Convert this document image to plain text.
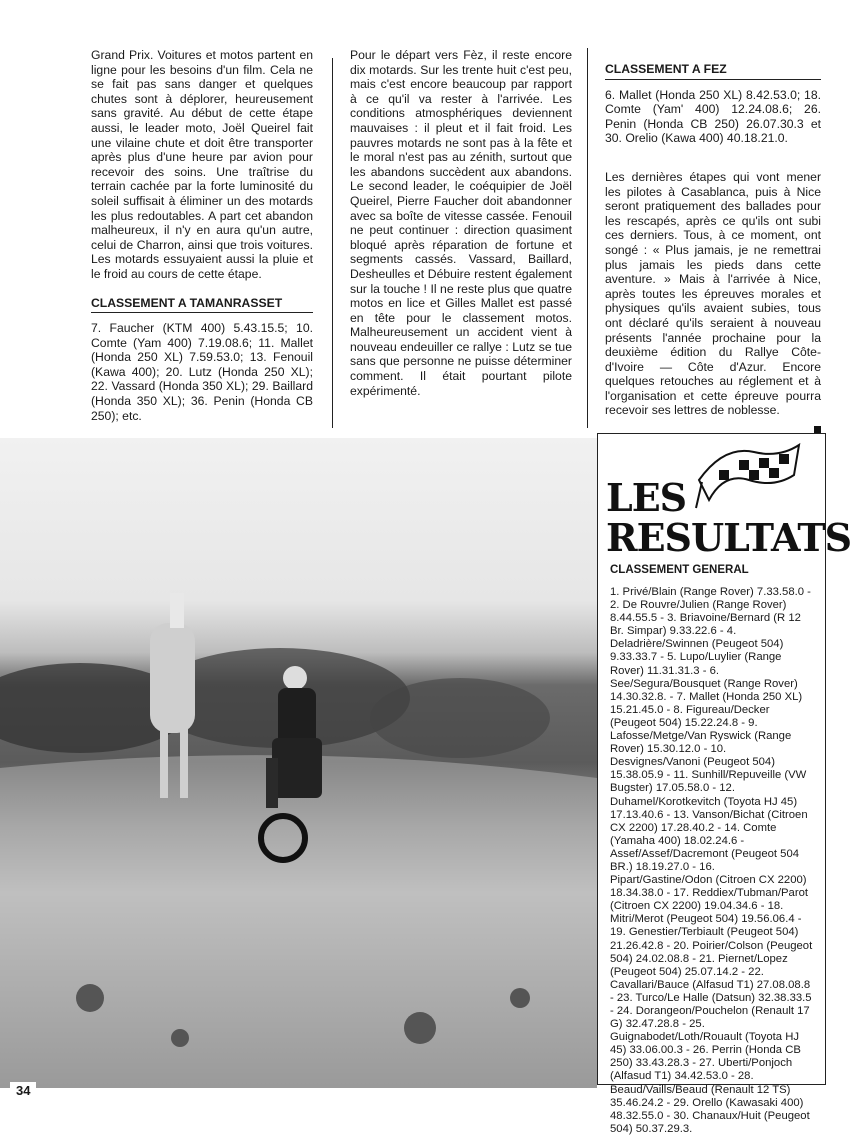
Grand Prix. Voitures et motos partent en ligne pour les besoins d'un film. Cela ne se fait pas sans danger et quelques chutes sont à déplorer, heureusement sans gravité. Au début de cette étape aussi, le leader moto, Joël Queirel fait une vilaine chute et doit être transporter après plus d'une heure par avion pour recevoir des soins. Une traîtrise du terrain cachée par la forte luminosité du soleil suffisait à éliminer un des motards les plus redoutables. A part cet abandon malheureux, il n'y en aura qu'un autre, celui de Charron, ainsi que trois voitures. Les motards essuyaient aussi la pluie et le froid au cours de cette étape.

CLASSEMENT A TAMANRASSET

7. Faucher (KTM 400) 5.43.15.5; 10. Comte (Yam 400) 7.19.08.6; 11. Mallet (Honda 250 XL) 7.59.53.0; 13. Fenouil (Kawa 400); 20. Lutz (Honda 250 XL); 22. Vassard (Honda 350 XL); 29. Baillard (Honda 350 XL); 36. Penin (Honda CB 250); etc.

Pour le départ vers Fèz, il reste encore dix motards. Sur les trente huit c'est peu, mais c'est encore beaucoup par rapport à ce qu'il va rester à l'arrivée. Les conditions atmosphériques deviennent mauvaises : il pleut et il fait froid. Les pauvres motards ne sont pas à la fête et le moral n'est pas au zénith, surtout que les abandons succèdent aux abandons. Le second leader, le coéquipier de Joël Queirel, Pierre Faucher doit abandonner avec sa boîte de vitesse cassée. Fenouil ne peut continuer : direction quasiment bloqué après réparation de fortune et segments cassés. Vassard, Baillard, Desheulles et Débuire restent également sur la touche ! Il ne reste plus que quatre motos en lice et Gilles Mallet est passé en tête pour le classement motos. Malheureusement un accident vient à nouveau endeuiller ce rallye : Lutz se tue sans que personne ne puisse déterminer comment. Il était pourtant pilote expérimenté.

CLASSEMENT A FEZ

6. Mallet (Honda 250 XL) 8.42.53.0; 18. Comte (Yam' 400) 12.24.08.6; 26. Penin (Honda CB 250) 26.07.30.3 et 30. Orelio (Kawa 400) 40.18.21.0.

Les dernières étapes qui vont mener les pilotes à Casablanca, puis à Nice seront pratiquement des ballades pour les rescapés, après ce qu'ils ont subi ces derniers. Tous, à ce moment, ont songé : « Plus jamais, je ne remettrai plus jamais les pieds dans cette aventure. » Mais à l'arrivée à Nice, après toutes les épreuves morales et physiques qu'ils avaient subies, tous ont déclaré qu'ils seraient à nouveau présents l'année prochaine pour la deuxième édition du Rallye Côte-d'Ivoire — Côte d'Azur. Encore quelques retouches au réglement et à l'organisation et cette épreuve pourra recevoir ses lettres de noblesse.

34
LES
RESULTATS
CLASSEMENT GENERAL
1. Privé/Blain (Range Rover) 7.33.58.0 - 2. De Rouvre/Julien (Range Rover) 8.44.55.5 - 3. Briavoine/Bernard (R 12 Br. Simpar) 9.33.22.6 - 4. Deladrière/Swinnen (Peugeot 504) 9.33.33.7 - 5. Lupo/Luylier (Range Rover) 11.31.31.3 - 6. See/Segura/Bousquet (Range Rover) 14.30.32.8. - 7. Mallet (Honda 250 XL) 15.21.45.0 - 8. Figureau/Decker (Peugeot 504) 15.22.24.8 - 9. Lafosse/Metge/Van Ryswick (Range Rover) 15.30.12.0 - 10. Desvignes/Vanoni (Peugeot 504) 15.38.05.9 - 11. Sunhill/Repuveille (VW Bugster) 17.05.58.0 - 12. Duhamel/Korotkevitch (Toyota HJ 45) 17.13.40.6 - 13. Vanson/Bichat (Citroen CX 2200) 17.28.40.2 - 14. Comte (Yamaha 400) 18.02.24.6 - Assef/Assef/Dacremont (Peugeot 504 BR.) 18.19.27.0 - 16. Pipart/Gastine/Odon (Citroen CX 2200) 18.34.38.0 - 17. Reddiex/Tubman/Parot (Citroen CX 2200) 19.04.34.6 - 18. Mitri/Merot (Peugeot 504) 19.56.06.4 - 19. Genestier/Terbiault (Peugeot 504) 21.26.42.8 - 20. Poirier/Colson (Peugeot 504) 24.02.08.8 - 21. Piernet/Lopez (Peugeot 504) 25.07.14.2 - 22. Cavallari/Bauce (Alfasud T1) 27.08.08.8 - 23. Turco/Le Halle (Datsun) 32.38.33.5 - 24. Dorangeon/Pouchelon (Renault 17 G) 32.47.28.8 - 25. Guignabodet/Loth/Rouault (Toyota HJ 45) 33.06.00.3 - 26. Perrin (Honda CB 250) 33.43.28.3 - 27. Uberti/Ponjoch (Alfasud T1) 34.42.53.0 - 28. Beaud/Vaills/Beaud (Renault 12 TS) 35.46.24.2 - 29. Orello (Kawasaki 400) 48.32.55.0 - 30. Chanaux/Huit (Peugeot 504) 50.37.29.3.
